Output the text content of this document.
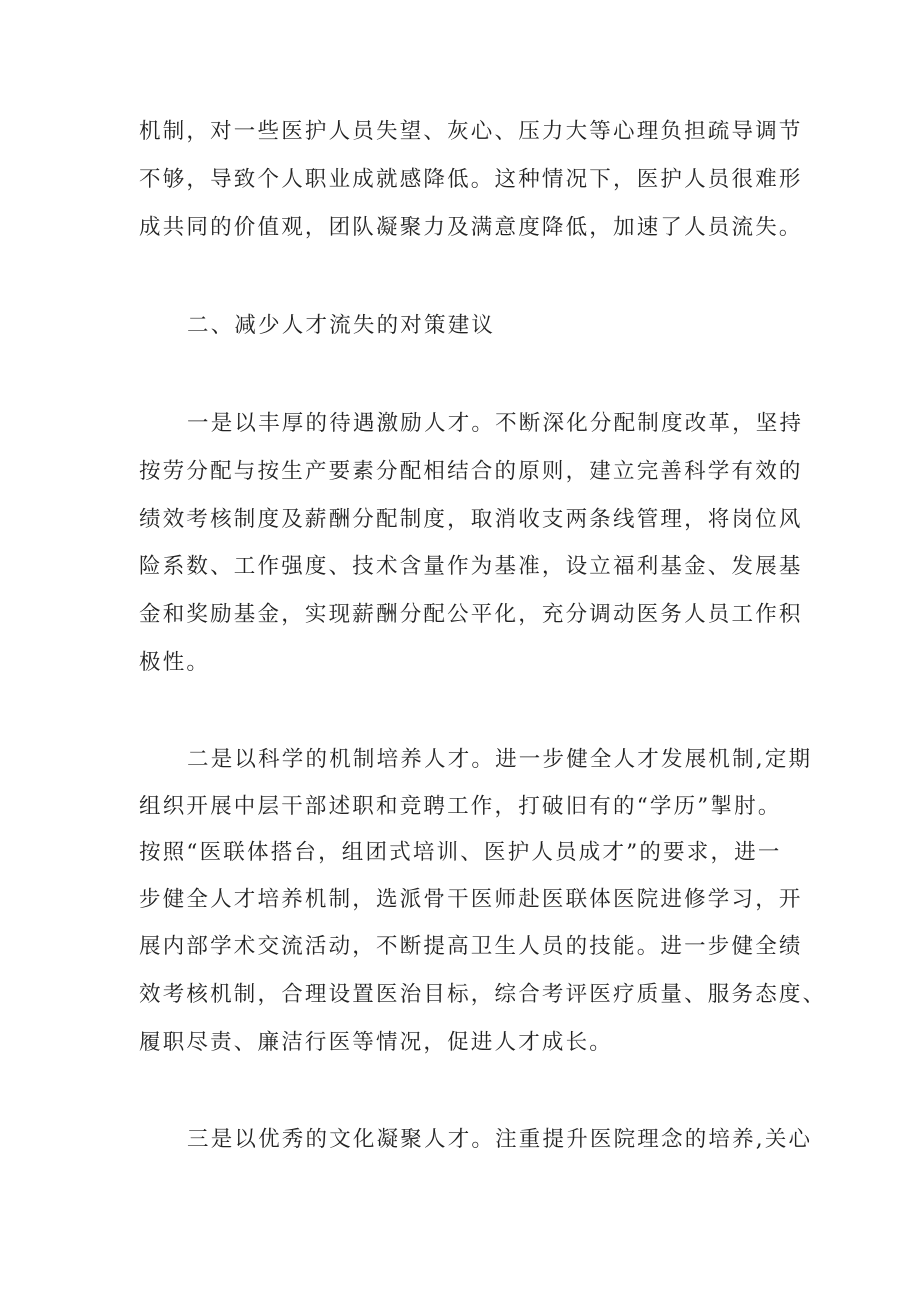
机制，对一些医护人员失望、灰心、压力大等心理负担疏导调节
不够，导致个人职业成就感降低。这种情况下，医护人员很难形
成共同的价值观，团队凝聚力及满意度降低，加速了人员流失。
二、减少人才流失的对策建议
一是以丰厚的待遇激励人才。不断深化分配制度改革，坚持
按劳分配与按生产要素分配相结合的原则，建立完善科学有效的
绩效考核制度及薪酬分配制度，取消收支两条线管理，将岗位风
险系数、工作强度、技术含量作为基准，设立福利基金、发展基
金和奖励基金，实现薪酬分配公平化，充分调动医务人员工作积
极性。
二是以科学的机制培养人才。进一步健全人才发展机制,定期
组织开展中层干部述职和竞聘工作，打破旧有的“学历”掣肘。
按照“医联体搭台，组团式培训、医护人员成才”的要求，进一
步健全人才培养机制，选派骨干医师赴医联体医院进修学习，开
展内部学术交流活动，不断提高卫生人员的技能。进一步健全绩
效考核机制，合理设置医治目标，综合考评医疗质量、服务态度、
履职尽责、廉洁行医等情况，促进人才成长。
三是以优秀的文化凝聚人才。注重提升医院理念的培养,关心
